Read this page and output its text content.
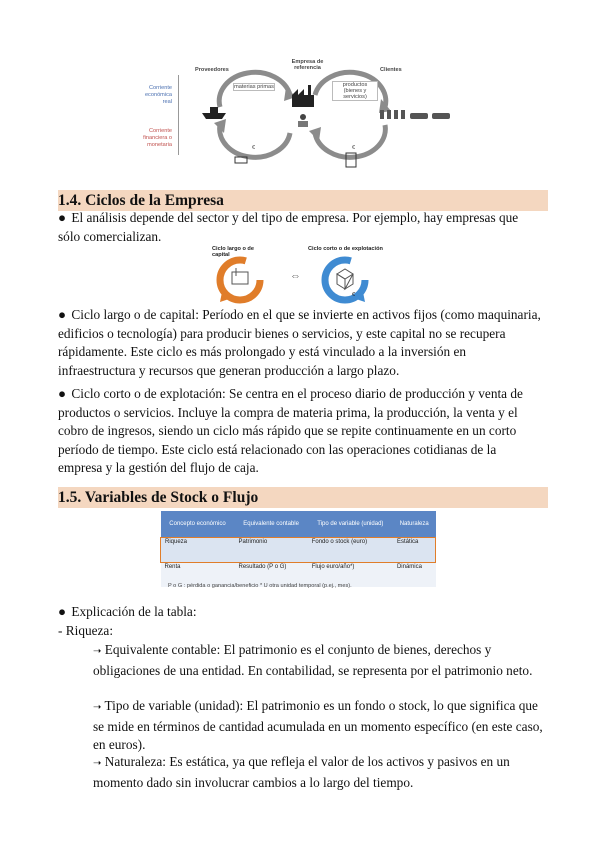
Proveedores
Empresa de referencia	Clientes
Corriente económica real
Corriente financiera o monetaria
materias primas	productos (bienes y servicios)
€	€
1.4. Ciclos de la Empresa
● El análisis depende del sector y del tipo de empresa. Por ejemplo, hay empresas que sólo comercializan.
Ciclo largo o de capital
Ciclo corto o de explotación
⇔
€
● Ciclo largo o de capital: Período en el que se invierte en activos fijos (como maquinaria, edificios o tecnología) para producir bienes o servicios, y este capital no se recupera rápidamente. Este ciclo es más prolongado y está vinculado a la inversión en infraestructura y recursos que generan producción a largo plazo.
● Ciclo corto o de explotación: Se centra en el proceso diario de producción y venta de productos o servicios. Incluye la compra de materia prima, la producción, la venta y el cobro de ingresos, siendo un ciclo más rápido que se repite continuamente en un corto período de tiempo. Este ciclo está relacionado con las operaciones cotidianas de la empresa y la gestión del flujo de caja.
1.5. Variables de Stock o Flujo
Concepto económico	Equivalente contable	Tipo de variable (unidad)	Naturaleza
Riqueza	Patrimonio	Fondo o stock (euro)	Estática
Renta	Resultado (P o G)	Flujo euro/año*)	Dinámica
P o G : pérdida o ganancia/beneficio * U otra unidad temporal (p.ej., mes).
● Explicación de la tabla:
- Riqueza:
➝ Equivalente contable: El patrimonio es el conjunto de bienes, derechos y obligaciones de una entidad. En contabilidad, se representa por el patrimonio neto.
➝ Tipo de variable (unidad): El patrimonio es un fondo o stock, lo que significa que se mide en términos de cantidad acumulada en un momento específico (en este caso, en euros).
➝ Naturaleza: Es estática, ya que refleja el valor de los activos y pasivos en un momento dado sin involucrar cambios a lo largo del tiempo.
